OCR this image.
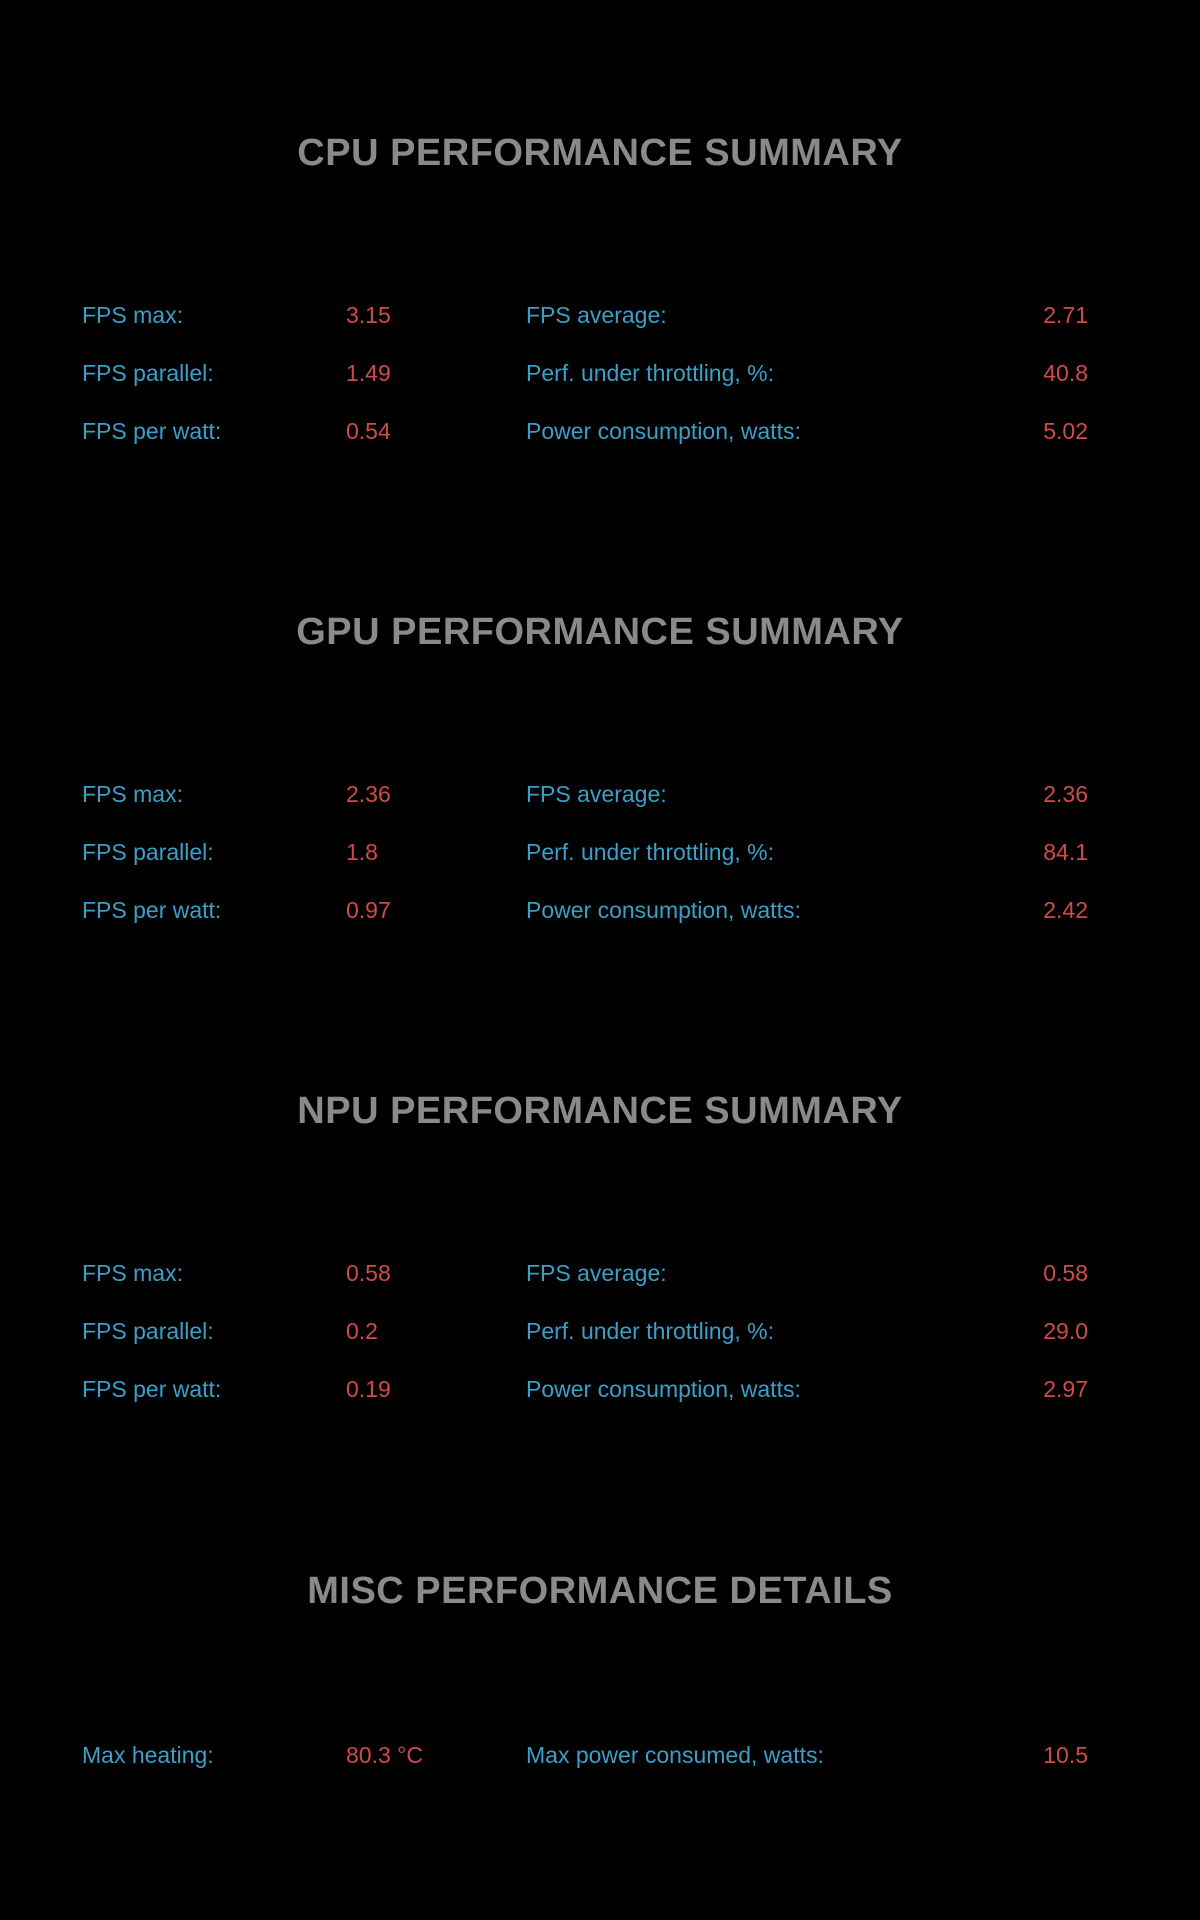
CPU PERFORMANCE SUMMARY
FPS max:	3.15	FPS average:	2.71
FPS parallel:	1.49	Perf. under throttling, %:	40.8
FPS per watt:	0.54	Power consumption, watts:	5.02
GPU PERFORMANCE SUMMARY
FPS max:	2.36	FPS average:	2.36
FPS parallel:	1.8	Perf. under throttling, %:	84.1
FPS per watt:	0.97	Power consumption, watts:	2.42
NPU PERFORMANCE SUMMARY
FPS max:	0.58	FPS average:	0.58
FPS parallel:	0.2	Perf. under throttling, %:	29.0
FPS per watt:	0.19	Power consumption, watts:	2.97
MISC PERFORMANCE DETAILS
Max heating:	80.3 °C	Max power consumed, watts:	10.5
